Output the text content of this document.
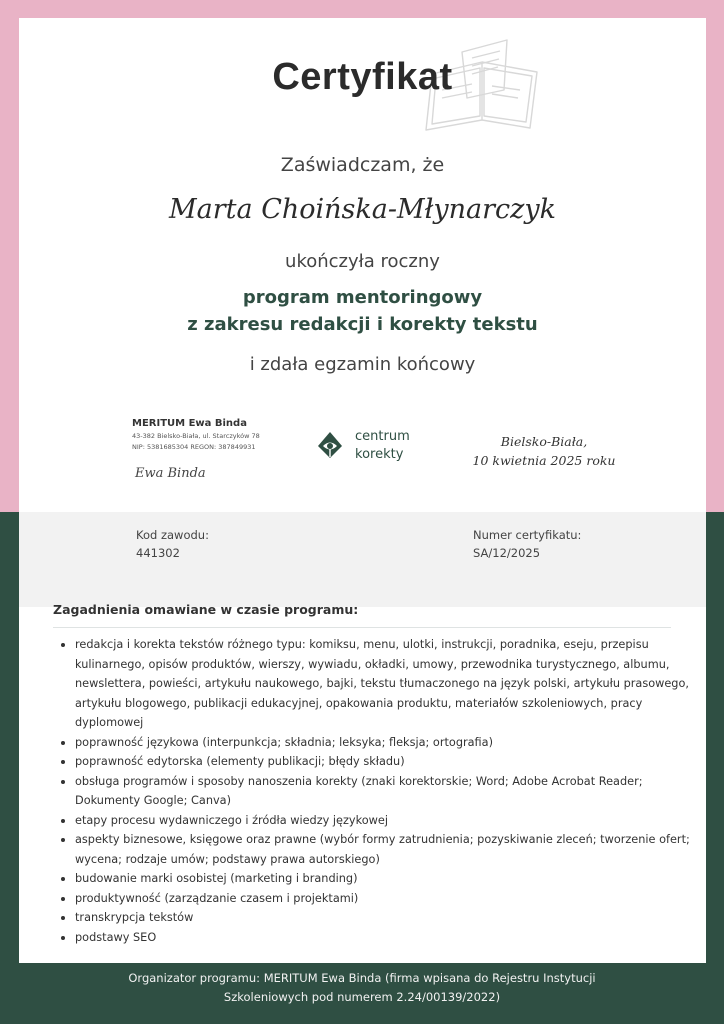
Certyfikat
Zaświadczam, że
Marta Choińska-Młynarczyk
ukończyła roczny
program mentoringowy
z zakresu redakcji i korekty tekstu
i zdała egzamin końcowy
MERITUM Ewa Binda
43-382 Bielsko-Biała, ul. Starczyków 78
NIP: 5381685304 REGON: 387849931
Ewa Binda
centrum
korekty
Bielsko-Biała,
10 kwietnia 2025 roku
Kod zawodu:
441302
Numer certyfikatu:
SA/12/2025
Zagadnienia omawiane w czasie programu:
redakcja i korekta tekstów różnego typu: komiksu, menu, ulotki, instrukcji, poradnika, eseju, przepisu kulinarnego, opisów produktów, wierszy, wywiadu, okładki, umowy, przewodnika turystycznego, albumu, newslettera, powieści, artykułu naukowego, bajki, tekstu tłumaczonego na język polski, artykułu prasowego, artykułu blogowego, publikacji edukacyjnej, opakowania produktu, materiałów szkoleniowych, pracy dyplomowej
poprawność językowa (interpunkcja; składnia; leksyka; fleksja; ortografia)
poprawność edytorska (elementy publikacji; błędy składu)
obsługa programów i sposoby nanoszenia korekty (znaki korektorskie; Word; Adobe Acrobat Reader; Dokumenty Google; Canva)
etapy procesu wydawniczego i źródła wiedzy językowej
aspekty biznesowe, księgowe oraz prawne (wybór formy zatrudnienia; pozyskiwanie zleceń; tworzenie ofert; wycena; rodzaje umów; podstawy prawa autorskiego)
budowanie marki osobistej (marketing i branding)
produktywność (zarządzanie czasem i projektami)
transkrypcja tekstów
podstawy SEO
Organizator programu: MERITUM Ewa Binda (firma wpisana do Rejestru Instytucji
Szkoleniowych pod numerem 2.24/00139/2022)
